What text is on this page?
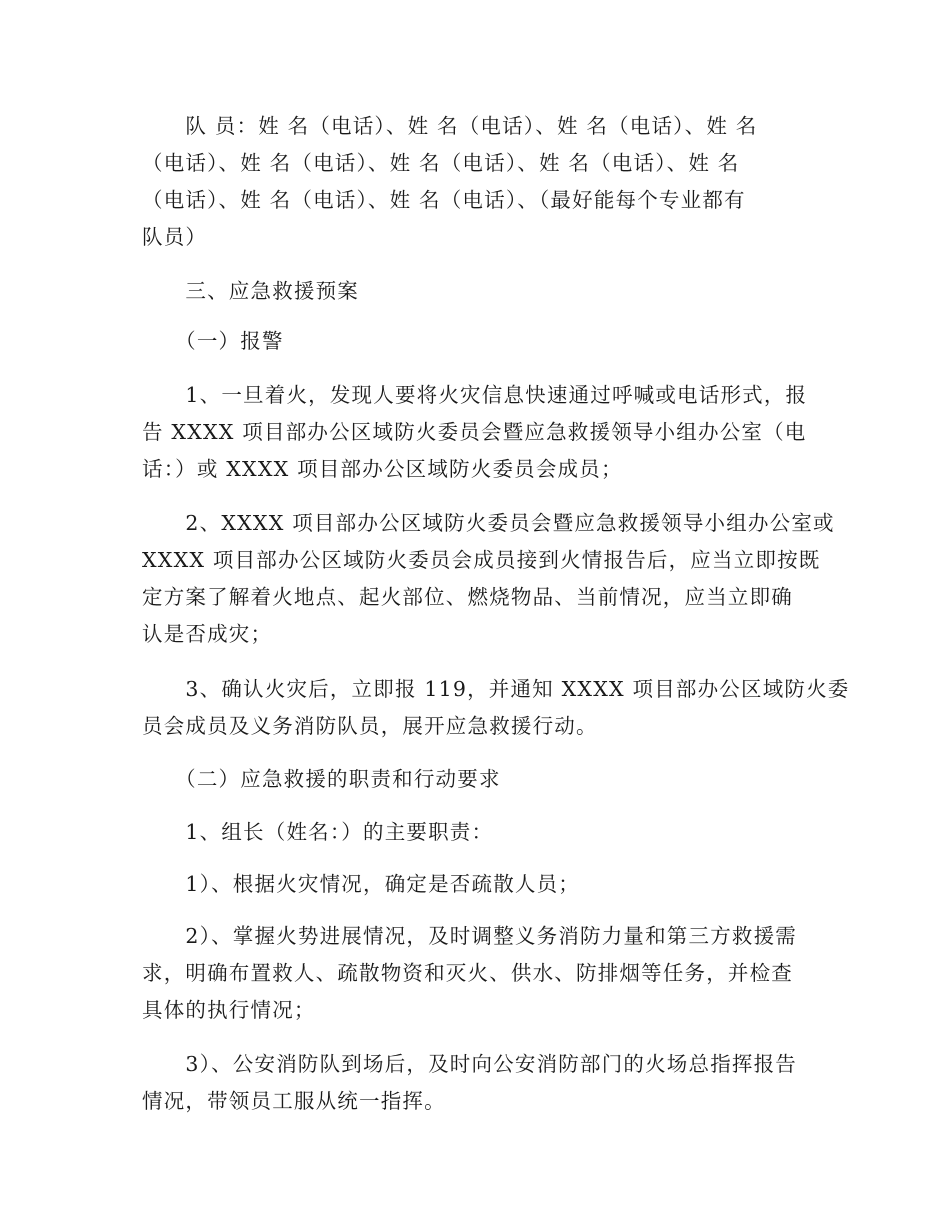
　　队 员：姓 名（电话）、姓 名（电话）、姓 名（电话）、姓 名

（电话）、姓 名（电话）、姓 名（电话）、姓 名（电话）、姓 名

（电话）、姓 名（电话）、姓 名（电话）、（最好能每个专业都有

队员）

　　三、应急救援预案

　　（一）报警

　　1、一旦着火，发现人要将火灾信息快速通过呼喊或电话形式，报

告 XXXX 项目部办公区域防火委员会暨应急救援领导小组办公室（电

话：）或 XXXX 项目部办公区域防火委员会成员；

　　2、XXXX 项目部办公区域防火委员会暨应急救援领导小组办公室或

XXXX 项目部办公区域防火委员会成员接到火情报告后，应当立即按既

定方案了解着火地点、起火部位、燃烧物品、当前情况，应当立即确

认是否成灾；

　　3、确认火灾后，立即报 119，并通知 XXXX 项目部办公区域防火委

员会成员及义务消防队员，展开应急救援行动。

　　（二）应急救援的职责和行动要求

　　1、组长（姓名：）的主要职责：

　　1）、根据火灾情况，确定是否疏散人员；

　　2）、掌握火势进展情况，及时调整义务消防力量和第三方救援需

求，明确布置救人、疏散物资和灭火、供水、防排烟等任务，并检查

具体的执行情况；

　　3）、公安消防队到场后，及时向公安消防部门的火场总指挥报告

情况，带领员工服从统一指挥。
